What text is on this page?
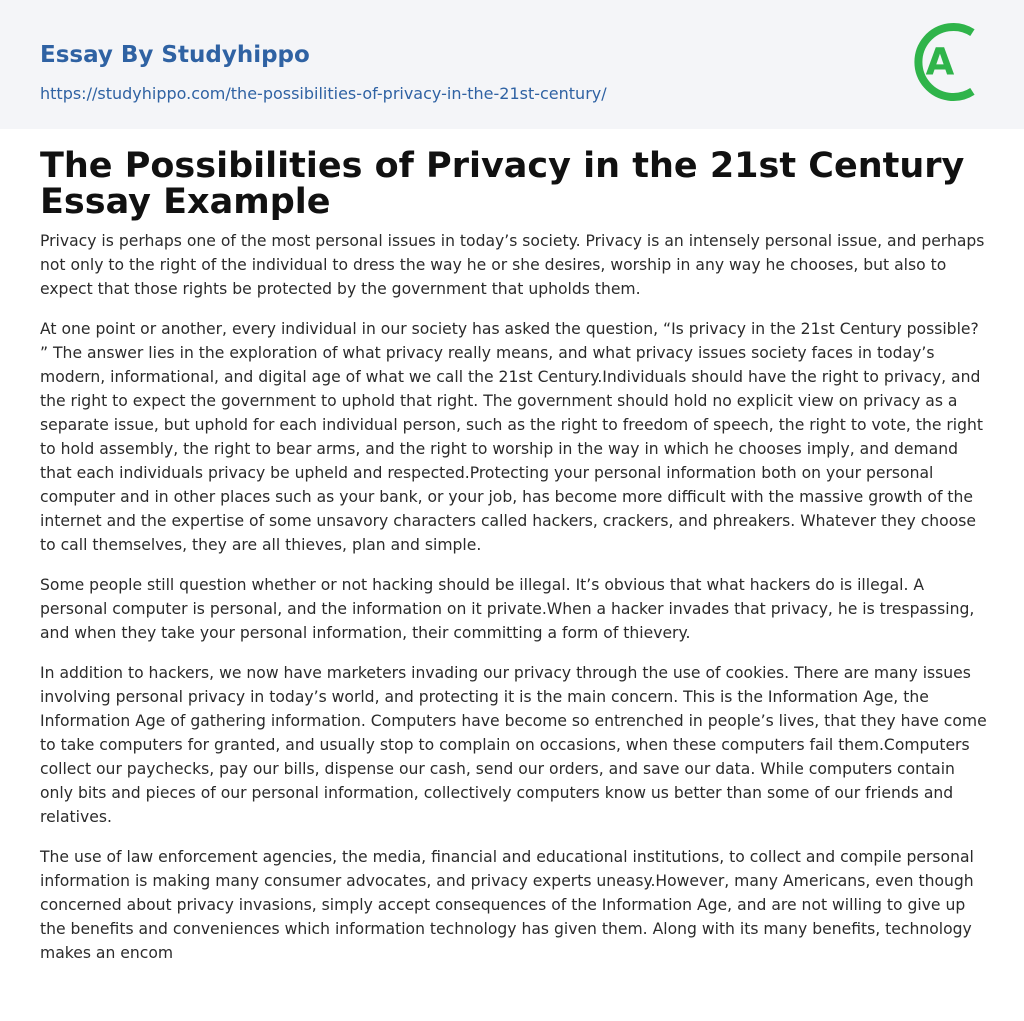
Essay By Studyhippo
https://studyhippo.com/the-possibilities-of-privacy-in-the-21st-century/
A
The Possibilities of Privacy in the 21st Century Essay Example

Privacy is perhaps one of the most personal issues in today’s society. Privacy is an intensely personal issue, and perhaps not only to the right of the individual to dress the way he or she desires, worship in any way he chooses, but also to expect that those rights be protected by the government that upholds them.

At one point or another, every individual in our society has asked the question, “Is privacy in the 21st Century possible? ” The answer lies in the exploration of what privacy really means, and what privacy issues society faces in today’s modern, informational, and digital age of what we call the 21st Century.Individuals should have the right to privacy, and the right to expect the government to uphold that right. The government should hold no explicit view on privacy as a separate issue, but uphold for each individual person, such as the right to freedom of speech, the right to vote, the right to hold assembly, the right to bear arms, and the right to worship in the way in which he chooses imply, and demand that each individuals privacy be upheld and respected.Protecting your personal information both on your personal computer and in other places such as your bank, or your job, has become more difficult with the massive growth of the internet and the expertise of some unsavory characters called hackers, crackers, and phreakers. Whatever they choose to call themselves, they are all thieves, plan and simple.

Some people still question whether or not hacking should be illegal. It’s obvious that what hackers do is illegal. A personal computer is personal, and the information on it private.When a hacker invades that privacy, he is trespassing, and when they take your personal information, their committing a form of thievery.

In addition to hackers, we now have marketers invading our privacy through the use of cookies. There are many issues involving personal privacy in today’s world, and protecting it is the main concern. This is the Information Age, the Information Age of gathering information. Computers have become so entrenched in people’s lives, that they have come to take computers for granted, and usually stop to complain on occasions, when these computers fail them.Computers collect our paychecks, pay our bills, dispense our cash, send our orders, and save our data. While computers contain only bits and pieces of our personal information, collectively computers know us better than some of our friends and relatives.

The use of law enforcement agencies, the media, financial and educational institutions, to collect and compile personal information is making many consumer advocates, and privacy experts uneasy.However, many Americans, even though concerned about privacy invasions, simply accept consequences of the Information Age, and are not willing to give up the benefits and conveniences which information technology has given them. Along with its many benefits, technology makes an encom
